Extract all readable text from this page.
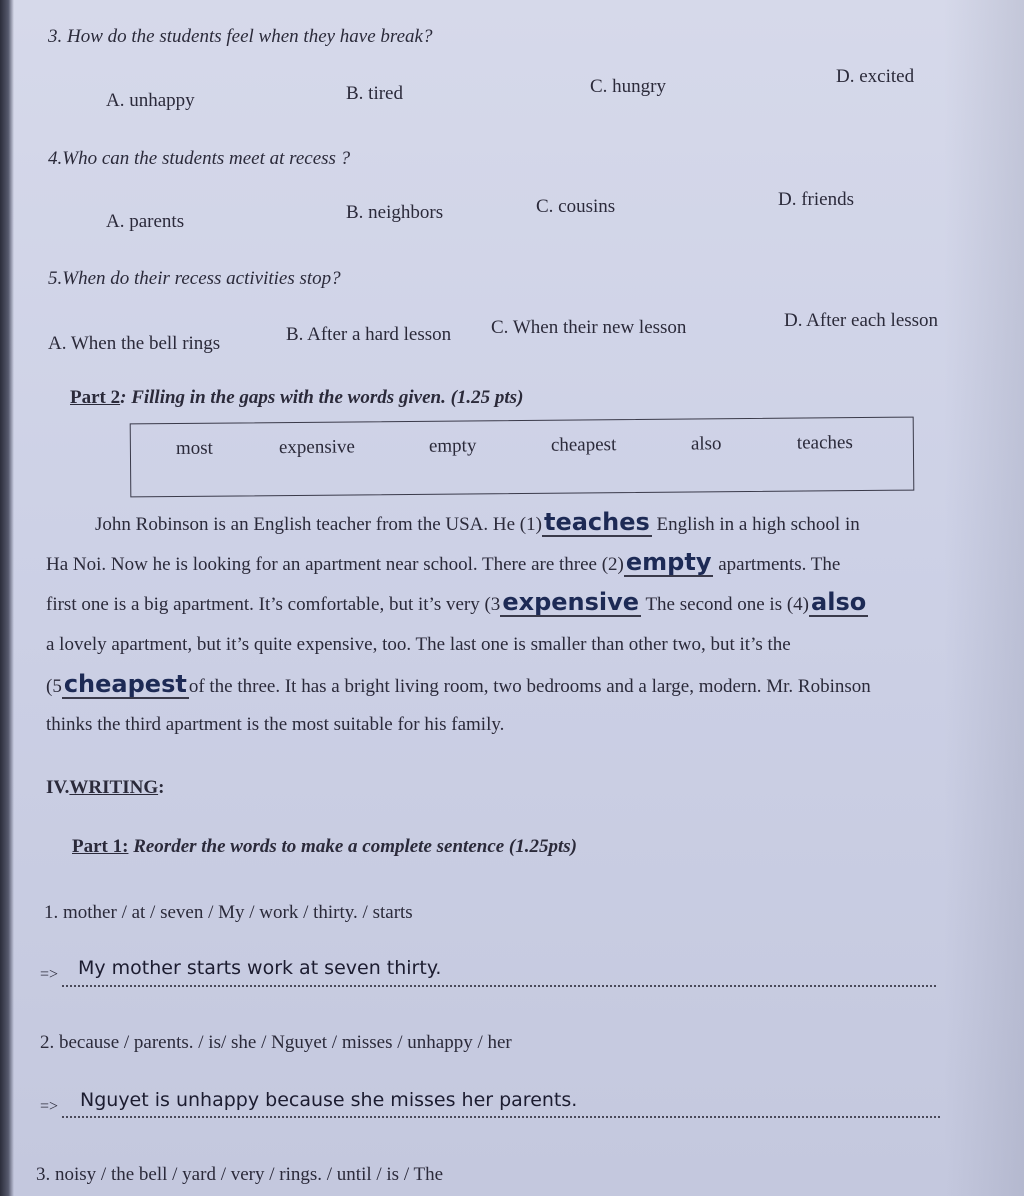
3. How do the students feel when they have break?
A. unhappy	B. tired	C. hungry	D. excited
4.Who can the students meet at recess ?
A. parents	B. neighbors	C. cousins	D. friends
5.When do their recess activities stop?
A. When the bell rings	B. After a hard lesson C. When their new lesson	D. After each lesson
Part 2: Filling in the gaps with the words given. (1.25 pts)
most	expensive	empty	cheapest	also	teaches
John Robinson is an English teacher from the USA. He (1)teaches English in a high school in
Ha Noi. Now he is looking for an apartment near school. There are three (2)empty apartments. The
first one is a big apartment. It’s comfortable, but it’s very (3expensive The second one is (4)also
a lovely apartment, but it’s quite expensive, too. The last one is smaller than other two, but it’s the
(5cheapest of the three. It has a bright living room, two bedrooms and a large, modern. Mr. Robinson
thinks the third apartment is the most suitable for his family.
IV.WRITING:
Part 1: Reorder the words to make a complete sentence (1.25pts)
1. mother / at / seven / My / work / thirty. / starts
=> My mother starts work at seven thirty.
2. because / parents. / is/ she / Nguyet / misses / unhappy / her
=> Nguyet is unhappy because she misses her parents.
3. noisy / the bell / yard / very / rings. / until / is / The
